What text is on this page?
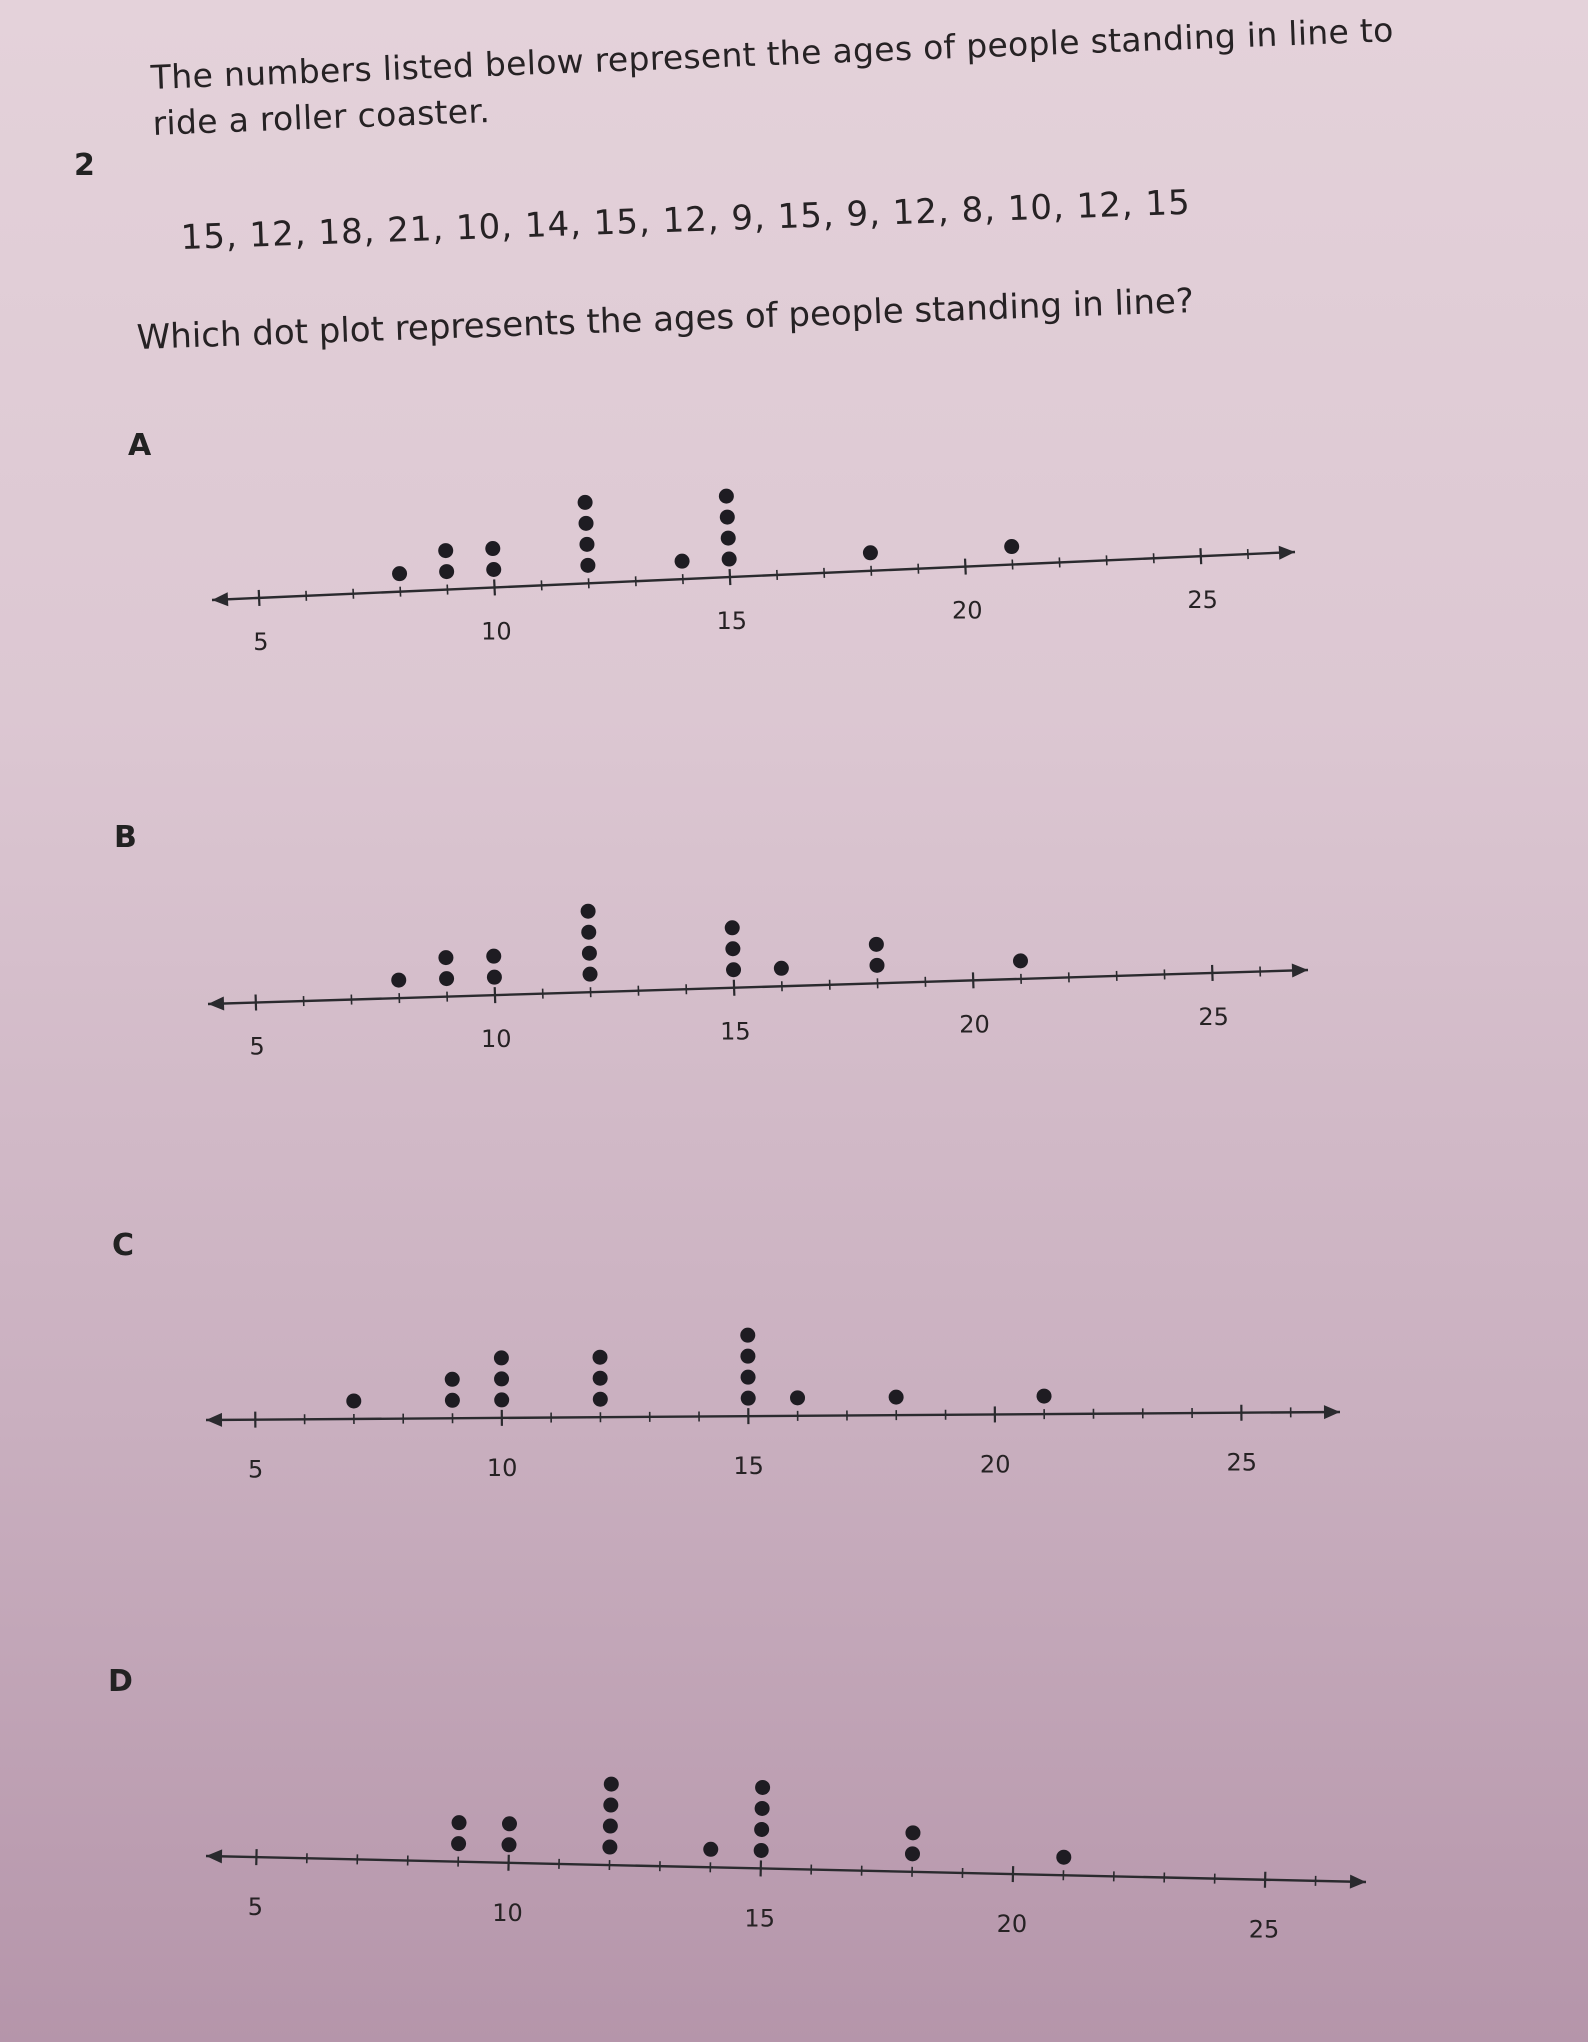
2
The numbers listed below represent the ages of people standing in line to
ride a roller coaster.
15, 12, 18, 21, 10, 14, 15, 12, 9, 15, 9, 12, 8, 10, 12, 15
Which dot plot represents the ages of people standing in line?
A
B
C
D
5	10	15	20	25
5	10	15	20	25
5	10	15	20	25
5	10	15	20	25
